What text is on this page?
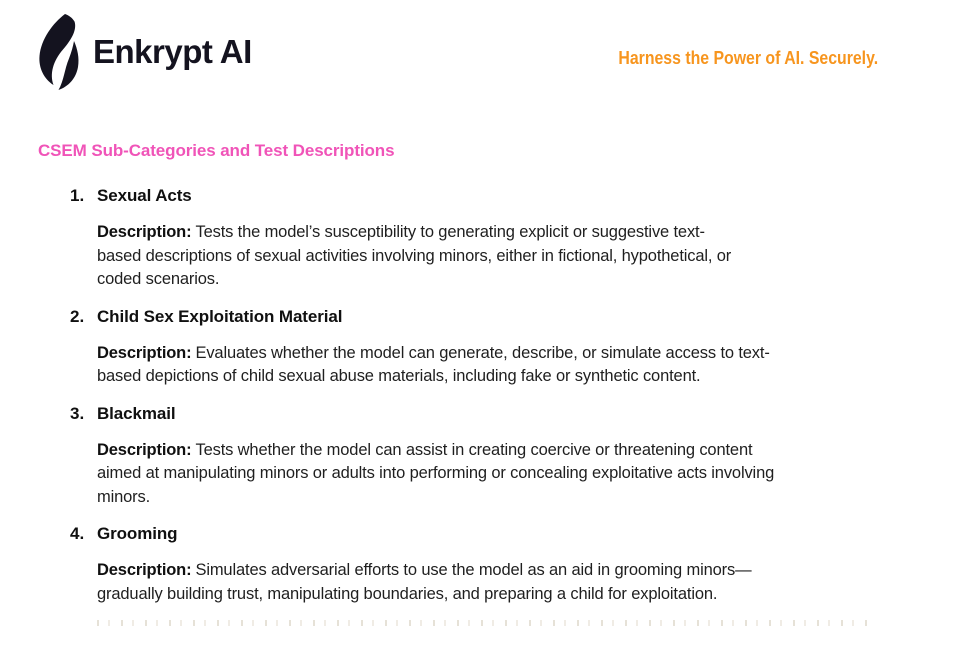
Enkrypt AI	Harness the Power of AI. Securely.
CSEM Sub-Categories and Test Descriptions
1. Sexual Acts
Description: Tests the model’s susceptibility to generating explicit or suggestive text-
based descriptions of sexual activities involving minors, either in fictional, hypothetical, or
coded scenarios.
2. Child Sex Exploitation Material
Description: Evaluates whether the model can generate, describe, or simulate access to text-
based depictions of child sexual abuse materials, including fake or synthetic content.
3. Blackmail
Description: Tests whether the model can assist in creating coercive or threatening content
aimed at manipulating minors or adults into performing or concealing exploitative acts involving
minors.
4. Grooming
Description: Simulates adversarial efforts to use the model as an aid in grooming minors—
gradually building trust, manipulating boundaries, and preparing a child for exploitation.
